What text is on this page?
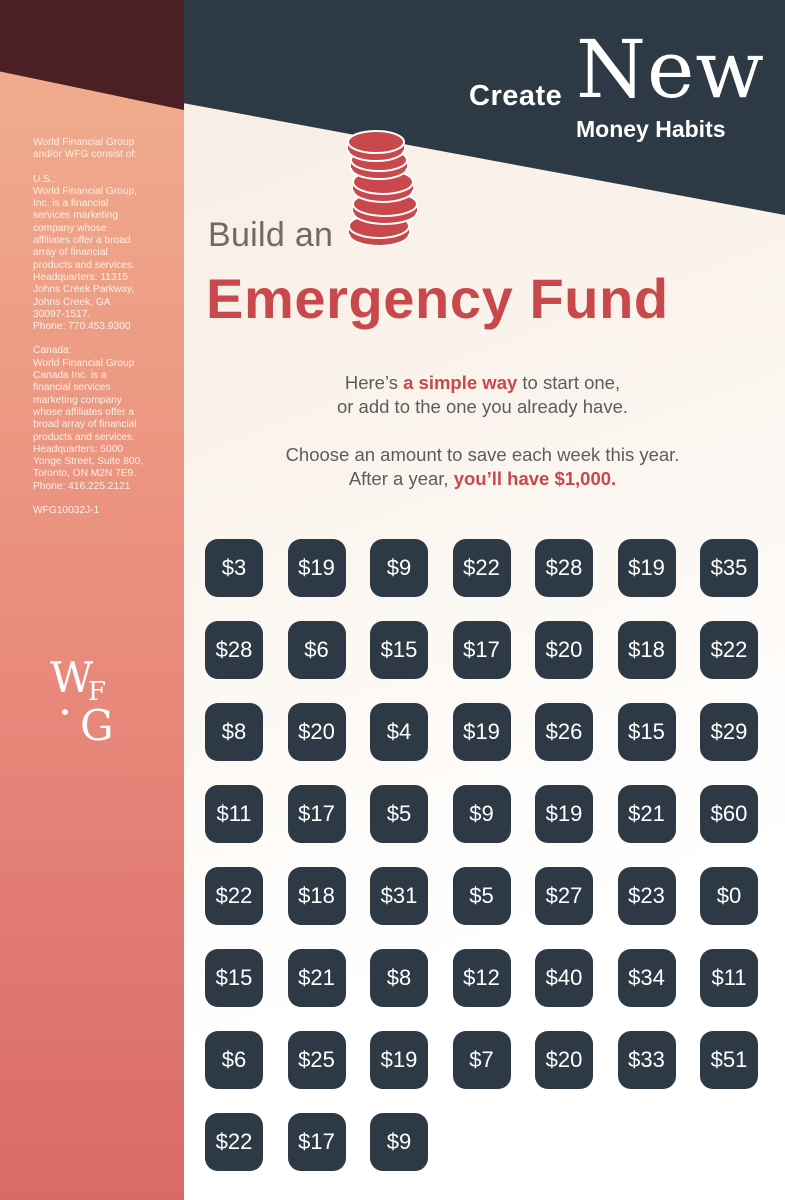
World Financial Group
and/or WFG consist of:

U.S.:
World Financial Group,
Inc. is a financial
services marketing
company whose
affiliates offer a broad
array of financial
products and services.
Headquarters: 11315
Johns Creek Parkway,
Johns Creek, GA
30097-1517.
Phone: 770.453.9300

Canada:
World Financial Group
Canada Inc. is a
financial services
marketing company
whose affiliates offer a
broad array of financial
products and services.
Headquarters: 5000
Yonge Street, Suite 800,
Toronto, ON M2N 7E9.
Phone: 416.225.2121

WFG10032J-1

W
F
G
Create New
Money Habits
Build an
Emergency Fund
Here’s a simple way to start one,
or add to the one you already have.
Choose an amount to save each week this year.
After a year, you’ll have $1,000.
$3	$19	$9	$22	$28	$19	$35
$28	$6	$15	$17	$20	$18	$22
$8	$20	$4	$19	$26	$15	$29
$11	$17	$5	$9	$19	$21	$60
$22	$18	$31	$5	$27	$23	$0
$15	$21	$8	$12	$40	$34	$11
$6	$25	$19	$7	$20	$33	$51
$22	$17	$9
